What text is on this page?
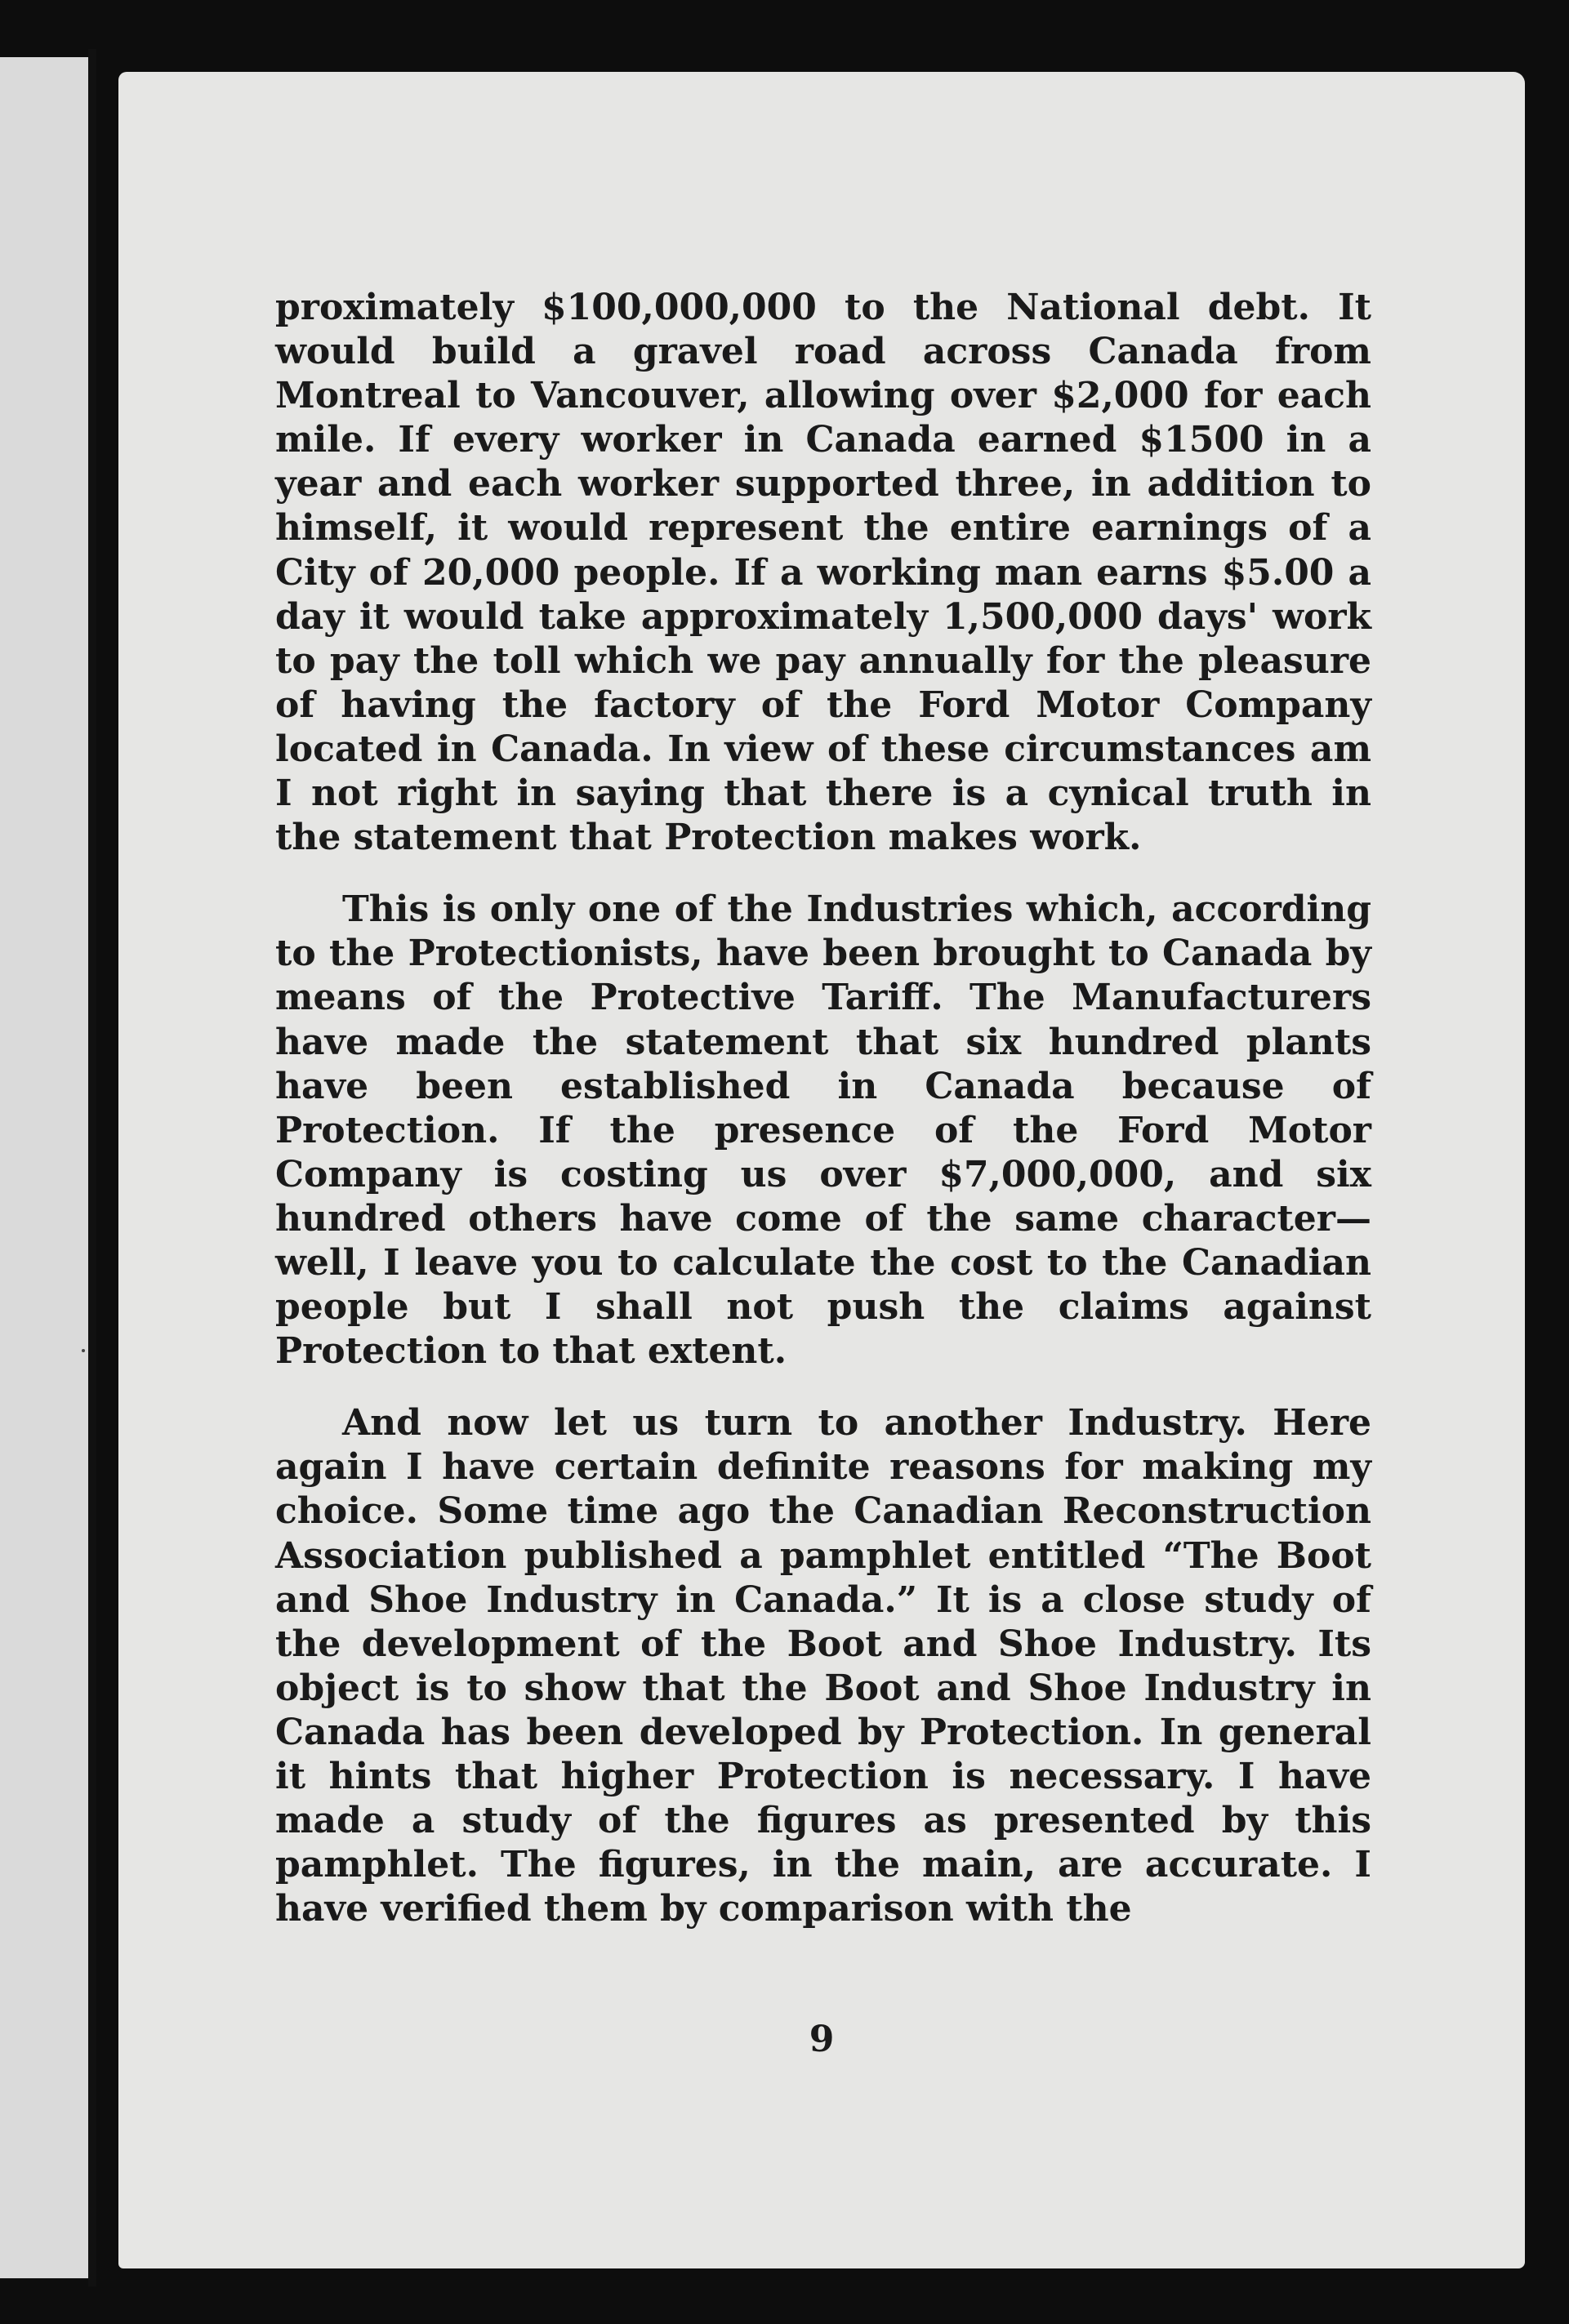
proximately $100,000,000 to the National debt. It would build a gravel road across Canada from Montreal to Vancouver, allowing over $2,000 for each mile. If every worker in Canada earned $1500 in a year and each worker supported three, in addition to himself, it would represent the entire earnings of a City of 20,000 people. If a working man earns $5.00 a day it would take approximately 1,500,000 days' work to pay the toll which we pay annually for the pleasure of having the factory of the Ford Motor Company located in Canada. In view of these circumstances am I not right in saying that there is a cynical truth in the statement that Protection makes work.

This is only one of the Industries which, according to the Protectionists, have been brought to Canada by means of the Protective Tariff. The Manufacturers have made the statement that six hundred plants have been established in Canada because of Protection. If the presence of the Ford Motor Company is costing us over $7,000,000, and six hundred others have come of the same character—well, I leave you to calculate the cost to the Canadian people but I shall not push the claims against Protection to that extent.

And now let us turn to another Industry. Here again I have certain definite reasons for making my choice. Some time ago the Canadian Reconstruction Association published a pamphlet entitled “The Boot and Shoe Industry in Canada.” It is a close study of the development of the Boot and Shoe Industry. Its object is to show that the Boot and Shoe Industry in Canada has been developed by Protection. In general it hints that higher Protection is necessary. I have made a study of the figures as presented by this pamphlet. The figures, in the main, are accurate. I have verified them by comparison with the

9
